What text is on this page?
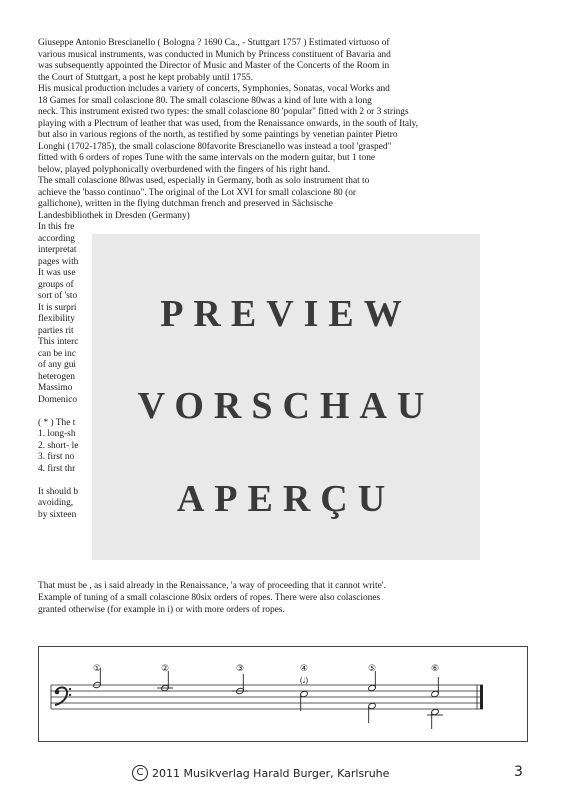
Giuseppe Antonio Brescianello ( Bologna ? 1690 Ca., - Stuttgart 1757 ) Estimated virtuoso of
various musical instruments, was conducted in Munich by Princess constituent of Bavaria and
was subsequently appointed the Director of Music and Master of the Concerts of the Room in
the Court of Stuttgart, a post he kept probably until 1755.
His musical production includes a variety of concerts, Symphonies, Sonatas, vocal Works and
18 Games for small colascione 80. The small colascione 80was a kind of lute with a long
neck. This instrument existed two types: the small colascione 80 'popular" fitted with 2 or 3 strings
playing with a Plectrum of leather that was used, from the Renaissance onwards, in the south of Italy,
but also in various regions of the north, as testified by some paintings by venetian painter Pietro
Longhi (1702-1785), the small colascione 80favorite Brescianello was instead a tool 'grasped"
fitted with 6 orders of ropes Tune with the same intervals on the modern guitar, but 1 tone
below, played polyphonically overburdened with the fingers of his right hand.
The small colascione 80was used, especially in Germany, both as solo instrument that to
achieve the 'basso continuo". The original of the Lot XVI for small colascione 80 (or
gallichone), written in the flying dutchman french and preserved in Sächsische
Landesbibliothek in Dresden (Germany)
In this fre
according
interpretat
pages with
It was use
groups of
sort of 'sto
It is surpri
flexibility
parties rit
This interc
can be inc
of any gui
heterogen
Massimo
Domenico
( * ) The t
1. long-sh
2. short- le
3. first no
4. first thr
It should b
avoiding,
by sixteen
PREVIEW
VORSCHAU
APERÇU
That must be , as i said already in the Renaissance, 'a way of proceeding that it cannot write'.
Example of tuning of a small colascione 80six orders of ropes. There were also colasciones
granted otherwise (for example in i) or with more orders of ropes.
①	②	③	④	⑤	⑥
(𝅗𝅥)
C 2011 Musikverlag Harald Burger, Karlsruhe	3
